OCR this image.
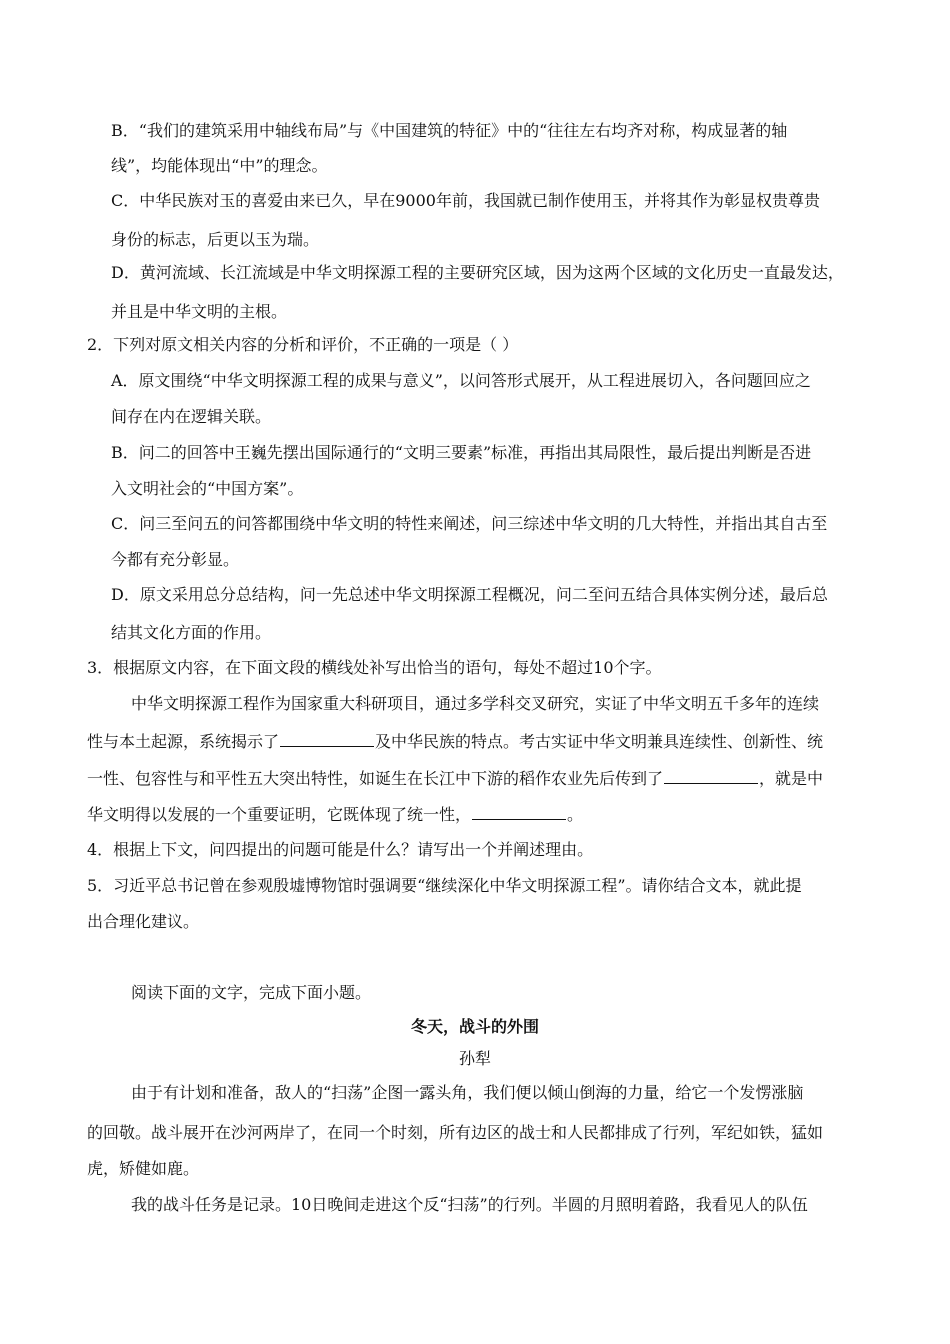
B．“我们的建筑采用中轴线布局”与《中国建筑的特征》中的“往往左右均齐对称，构成显著的轴
线”，均能体现出“中”的理念。
C．中华民族对玉的喜爱由来已久，早在9000年前，我国就已制作使用玉，并将其作为彰显权贵尊贵
身份的标志，后更以玉为瑞。
D．黄河流域、长江流域是中华文明探源工程的主要研究区域，因为这两个区域的文化历史一直最发达，
并且是中华文明的主根。
2．下列对原文相关内容的分析和评价，不正确的一项是（ ）
A．原文围绕“中华文明探源工程的成果与意义”，以问答形式展开，从工程进展切入，各问题回应之
间存在内在逻辑关联。
B．问二的回答中王巍先摆出国际通行的“文明三要素”标准，再指出其局限性，最后提出判断是否进
入文明社会的“中国方案”。
C．问三至问五的问答都围绕中华文明的特性来阐述，问三综述中华文明的几大特性，并指出其自古至
今都有充分彰显。
D．原文采用总分总结构，问一先总述中华文明探源工程概况，问二至问五结合具体实例分述，最后总
结其文化方面的作用。
3．根据原文内容，在下面文段的横线处补写出恰当的语句，每处不超过10个字。
中华文明探源工程作为国家重大科研项目，通过多学科交叉研究，实证了中华文明五千多年的连续
性与本土起源，系统揭示了	及中华民族的特点。考古实证中华文明兼具连续性、创新性、统
一性、包容性与和平性五大突出特性，如诞生在长江中下游的稻作农业先后传到了	，就是中
华文明得以发展的一个重要证明，它既体现了统一性，	。
4．根据上下文，问四提出的问题可能是什么？请写出一个并阐述理由。
5．习近平总书记曾在参观殷墟博物馆时强调要“继续深化中华文明探源工程”。请你结合文本，就此提
出合理化建议。
阅读下面的文字，完成下面小题。
冬天，战斗的外围
孙犁
由于有计划和准备，敌人的“扫荡”企图一露头角，我们便以倾山倒海的力量，给它一个发愣涨脑
的回敬。战斗展开在沙河两岸了，在同一个时刻，所有边区的战士和人民都排成了行列，军纪如铁，猛如
虎，矫健如鹿。
我的战斗任务是记录。10日晚间走进这个反“扫荡”的行列。半圆的月照明着路，我看见人的队伍
